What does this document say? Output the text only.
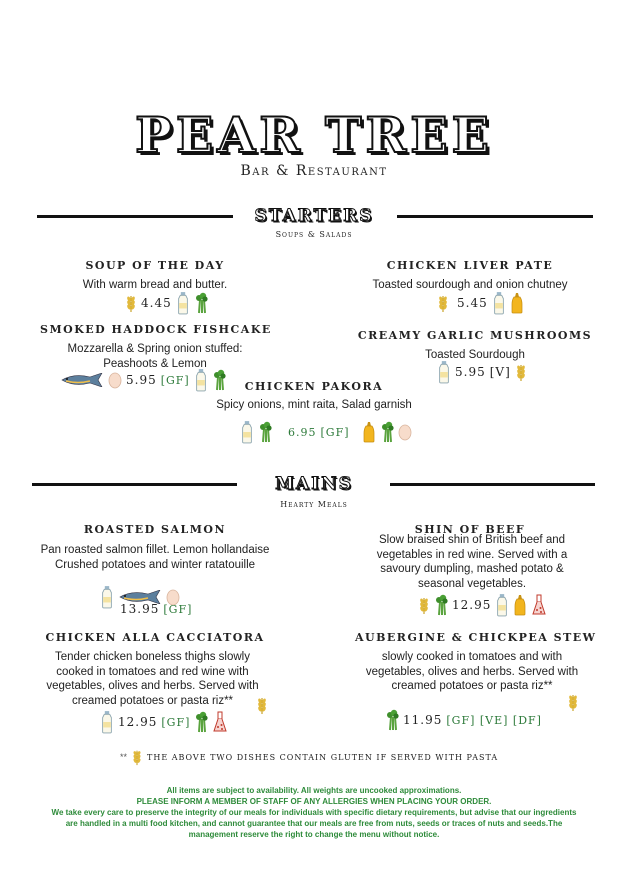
PEAR TREE
Bar & Restaurant
STARTERS
Soups & Salads
SOUP OF THE DAY
With warm bread and butter.
4.45
CHICKEN LIVER PATE
Toasted sourdough and onion chutney
5.45
SMOKED HADDOCK FISHCAKE
Mozzarella & Spring onion stuffed: Peashoots & Lemon
5.95 [GF]
CREAMY GARLIC MUSHROOMS
Toasted Sourdough
5.95 [V]
CHICKEN PAKORA
Spicy onions, mint raita, Salad garnish
6.95 [GF]
MAINS
Hearty Meals
ROASTED SALMON
Pan roasted salmon fillet. Lemon hollandaise Crushed potatoes and winter ratatouille
13.95 [GF]
SHIN OF BEEF
Slow braised shin of British beef and vegetables in red wine. Served with a savoury dumpling, mashed potato & seasonal vegetables.
12.95
CHICKEN ALLA CACCIATORA
Tender chicken boneless thighs slowly cooked in tomatoes and red wine with vegetables, olives and herbs. Served with creamed potatoes or pasta riz**
12.95 [GF]
AUBERGINE & CHICKPEA STEW
slowly cooked in tomatoes and with vegetables, olives and herbs. Served with creamed potatoes or pasta riz**
11.95 [GF] [VE] [DF]
**	THE ABOVE TWO DISHES CONTAIN GLUTEN IF SERVED WITH PASTA
All items are subject to availability. All weights are uncooked approximations.
PLEASE INFORM A MEMBER OF STAFF OF ANY ALLERGIES WHEN PLACING YOUR ORDER.
We take every care to preserve the integrity of our meals for individuals with specific dietary requirements, but advise that our ingredients are handled in a multi food kitchen, and cannot guarantee that our meals are free from nuts, seeds or traces of nuts and seeds.The management reserve the right to change the menu without notice.
